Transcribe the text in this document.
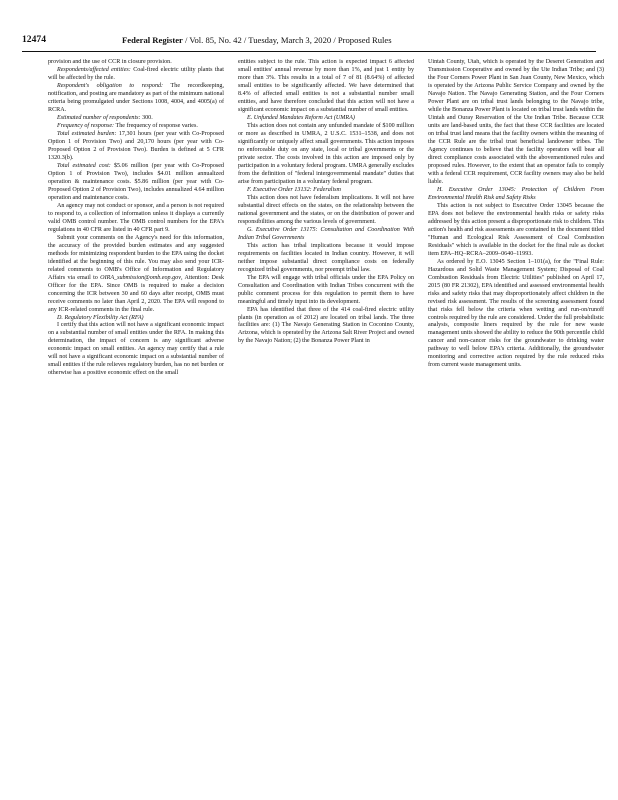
12474	Federal Register / Vol. 85, No. 42 / Tuesday, March 3, 2020 / Proposed Rules

provision and the use of CCR in closure provision.

Respondents/affected entities: Coal-fired electric utility plants that will be affected by the rule.

Respondent's obligation to respond: The recordkeeping, notification, and posting are mandatory as part of the minimum national criteria being promulgated under Sections 1008, 4004, and 4005(a) of RCRA.

Estimated number of respondents: 300.

Frequency of response: The frequency of response varies.

Total estimated burden: 17,301 hours (per year with Co-Proposed Option 1 of Provision Two) and 20,170 hours (per year with Co-Proposed Option 2 of Provision Two). Burden is defined at 5 CFR 1320.3(b).

Total estimated cost: $5.06 million (per year with Co-Proposed Option 1 of Provision Two), includes $4.01 million annualized operation & maintenance costs. $5.86 million (per year with Co-Proposed Option 2 of Provision Two), includes annualized 4.64 million operation and maintenance costs.

An agency may not conduct or sponsor, and a person is not required to respond to, a collection of information unless it displays a currently valid OMB control number. The OMB control numbers for the EPA's regulations in 40 CFR are listed in 40 CFR part 9.

Submit your comments on the Agency's need for this information, the accuracy of the provided burden estimates and any suggested methods for minimizing respondent burden to the EPA using the docket identified at the beginning of this rule. You may also send your ICR-related comments to OMB's Office of Information and Regulatory Affairs via email to OIRA_submission@omb.eop.gov, Attention: Desk Officer for the EPA. Since OMB is required to make a decision concerning the ICR between 30 and 60 days after receipt, OMB must receive comments no later than April 2, 2020. The EPA will respond to any ICR-related comments in the final rule.

D. Regulatory Flexibility Act (RFA)

I certify that this action will not have a significant economic impact on a substantial number of small entities under the RFA. In making this determination, the impact of concern is any significant adverse economic impact on small entities. An agency may certify that a rule will not have a significant economic impact on a substantial number of small entities if the rule relieves regulatory burden, has no net burden or otherwise has a positive economic effect on the small

entities subject to the rule. This action is expected impact 6 affected small entities' annual revenue by more than 1%, and just 1 entity by more than 3%. This results in a total of 7 of 81 (8.64%) of affected small entities to be significantly affected. We have determined that 8.4% of affected small entities is not a substantial number small entities, and have therefore concluded that this action will not have a significant economic impact on a substantial number of small entities.

E. Unfunded Mandates Reform Act (UMRA)

This action does not contain any unfunded mandate of $100 million or more as described in UMRA, 2 U.S.C. 1531–1538, and does not significantly or uniquely affect small governments. This action imposes no enforceable duty on any state, local or tribal governments or the private sector. The costs involved in this action are imposed only by participation in a voluntary federal program. UMRA generally excludes from the definition of "federal intergovernmental mandate" duties that arise from participation in a voluntary federal program.

F. Executive Order 13132: Federalism

This action does not have federalism implications. It will not have substantial direct effects on the states, on the relationship between the national government and the states, or on the distribution of power and responsibilities among the various levels of government.

G. Executive Order 13175: Consultation and Coordination With Indian Tribal Governments

This action has tribal implications because it would impose requirements on facilities located in Indian country. However, it will neither impose substantial direct compliance costs on federally recognized tribal governments, nor preempt tribal law.

The EPA will engage with tribal officials under the EPA Policy on Consultation and Coordination with Indian Tribes concurrent with the public comment process for this regulation to permit them to have meaningful and timely input into its development.

EPA has identified that three of the 414 coal-fired electric utility plants (in operation as of 2012) are located on tribal lands. The three facilities are: (1) The Navajo Generating Station in Coconino County, Arizona, which is operated by the Arizona Salt River Project and owned by the Navajo Nation; (2) the Bonanza Power Plant in

Uintah County, Utah, which is operated by the Deseret Generation and Transmission Cooperative and owned by the Ute Indian Tribe; and (3) the Four Corners Power Plant in San Juan County, New Mexico, which is operated by the Arizona Public Service Company and owned by the Navajo Nation. The Navajo Generating Station, and the Four Corners Power Plant are on tribal trust lands belonging to the Navajo tribe, while the Bonanza Power Plant is located on tribal trust lands within the Uintah and Ouray Reservation of the Ute Indian Tribe. Because CCR units are land-based units, the fact that these CCR facilities are located on tribal trust land means that the facility owners within the meaning of the CCR Rule are the tribal trust beneficial landowner tribes. The Agency continues to believe that the facility operators will bear all direct compliance costs associated with the abovementioned rules and proposed rules. However, to the extent that an operator fails to comply with a federal CCR requirement, CCR facility owners may also be held liable.

H. Executive Order 13045: Protection of Children From Environmental Health Risk and Safety Risks

This action is not subject to Executive Order 13045 because the EPA does not believe the environmental health risks or safety risks addressed by this action present a disproportionate risk to children. This action's health and risk assessments are contained in the document titled "Human and Ecological Risk Assessment of Coal Combustion Residuals" which is available in the docket for the final rule as docket item EPA–HQ–RCRA–2009–0640–11993.

As ordered by E.O. 13045 Section 1–101(a), for the "Final Rule: Hazardous and Solid Waste Management System; Disposal of Coal Combustion Residuals from Electric Utilities" published on April 17, 2015 (80 FR 21302), EPA identified and assessed environmental health risks and safety risks that may disproportionately affect children in the revised risk assessment. The results of the screening assessment found that risks fell below the criteria when wetting and run-on/runoff controls required by the rule are considered. Under the full probabilistic analysis, composite liners required by the rule for new waste management units showed the ability to reduce the 90th percentile child cancer and non-cancer risks for the groundwater to drinking water pathway to well below EPA's criteria. Additionally, the groundwater monitoring and corrective action required by the rule reduced risks from current waste management units.
